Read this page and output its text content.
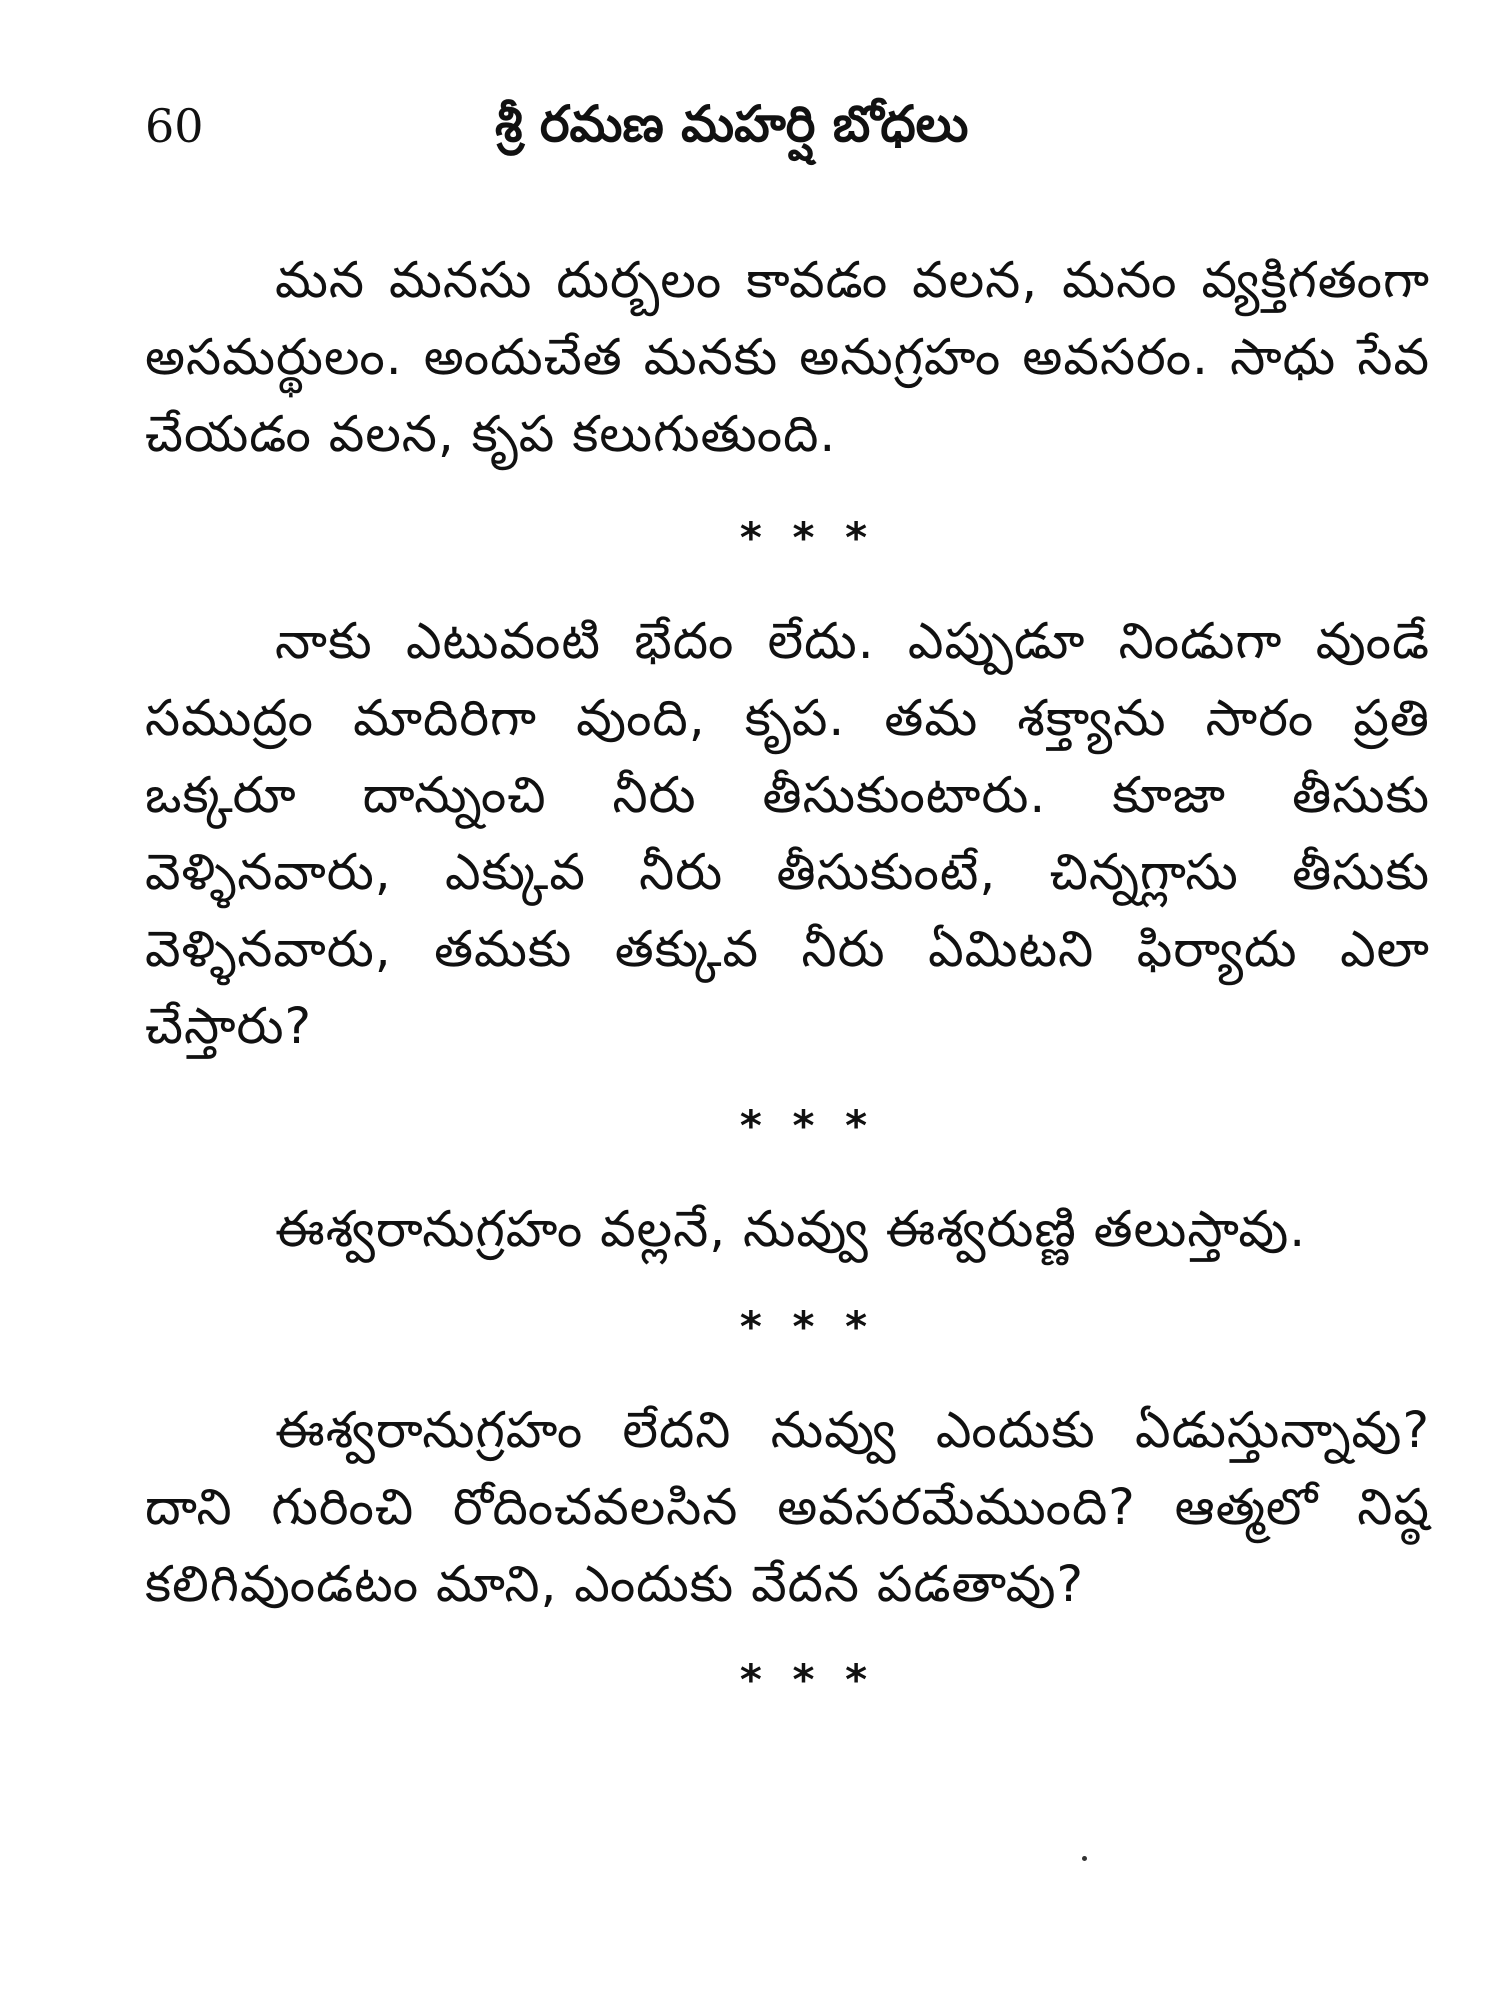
60	శ్రీ రమణ మహర్షి బోధలు

మన మనసు దుర్బలం కావడం వలన, మనం వ్యక్తిగతంగా అసమర్థులం. అందుచేత మనకు అనుగ్రహం అవసరం. సాధు సేవ చేయడం వలన, కృప కలుగుతుంది.

* * *

నాకు ఎటువంటి భేదం లేదు. ఎప్పుడూ నిండుగా వుండే సముద్రం మాదిరిగా వుంది, కృప. తమ శక్త్యాను సారం ప్రతి ఒక్కరూ దాన్నుంచి నీరు తీసుకుంటారు. కూజా తీసుకు వెళ్ళినవారు, ఎక్కువ నీరు తీసుకుంటే, చిన్నగ్లాసు తీసుకు వెళ్ళినవారు, తమకు తక్కువ నీరు ఏమిటని ఫిర్యాదు ఎలా చేస్తారు?

* * *

ఈశ్వరానుగ్రహం వల్లనే, నువ్వు ఈశ్వరుణ్ణి తలుస్తావు.

* * *

ఈశ్వరానుగ్రహం లేదని నువ్వు ఎందుకు ఏడుస్తున్నావు? దాని గురించి రోదించవలసిన అవసరమేముంది? ఆత్మలో నిష్ఠ కలిగివుండటం మాని, ఎందుకు వేదన పడతావు?

* * *
